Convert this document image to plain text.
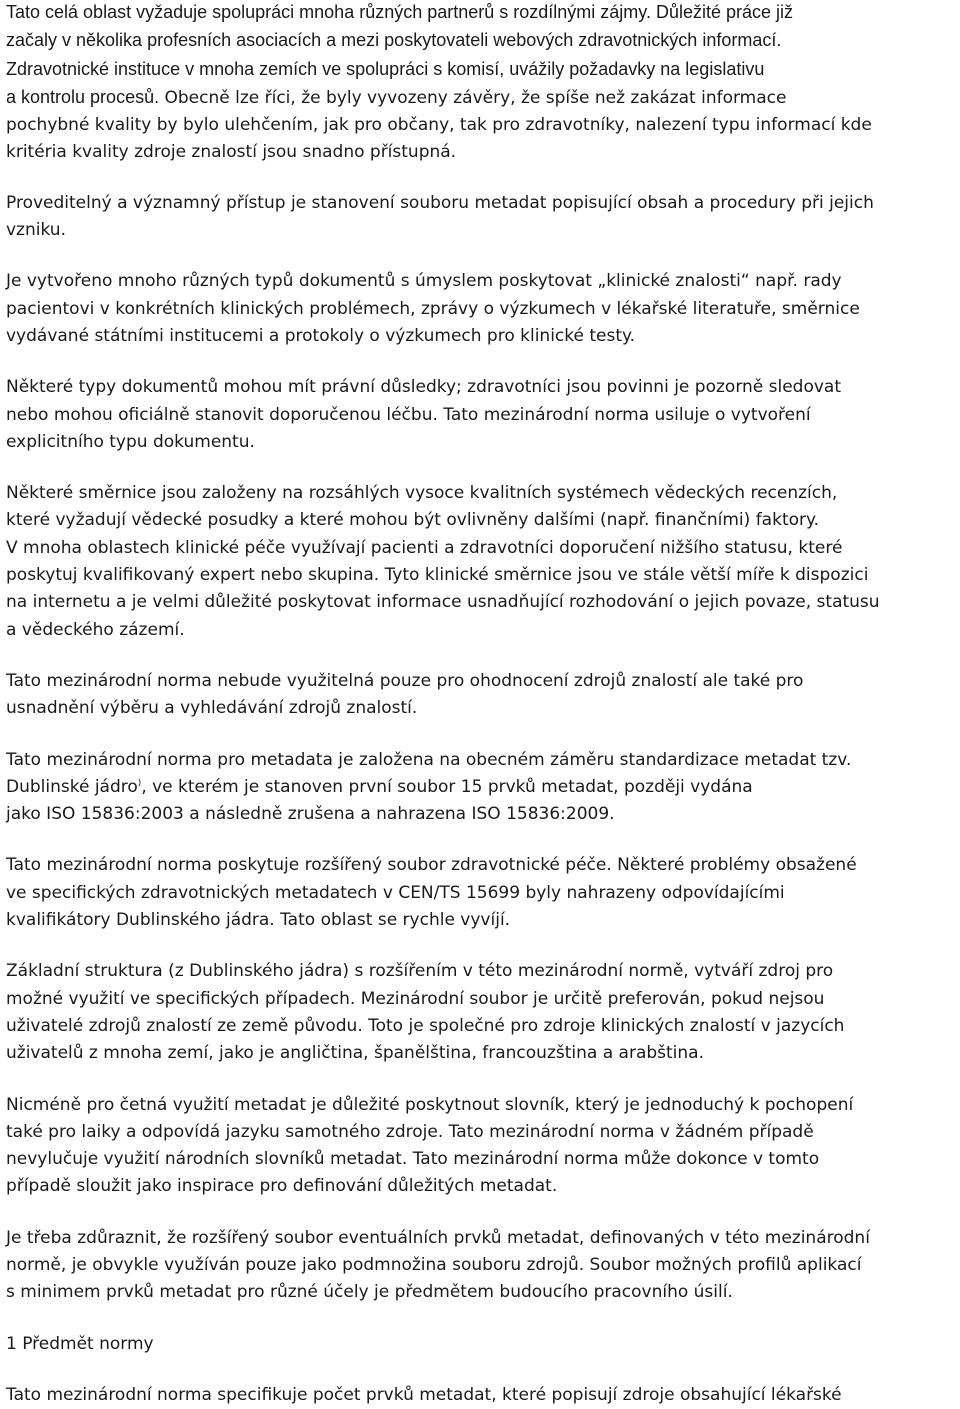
Tato celá oblast vyžaduje spolupráci mnoha různých partnerů s rozdílnými zájmy. Důležité práce již
začaly v několika profesních asociacích a mezi poskytovateli webových zdravotnických informací.
Zdravotnické instituce v mnoha zemích ve spolupráci s komisí, uvážily požadavky na legislativu
a kontrolu procesů. Obecně lze říci, že byly vyvozeny závěry, že spíše než zakázat informace
pochybné kvality by bylo ulehčením, jak pro občany, tak pro zdravotníky, nalezení typu informací kde
kritéria kvality zdroje znalostí jsou snadno přístupná.

Proveditelný a významný přístup je stanovení souboru metadat popisující obsah a procedury při jejich
vzniku.

Je vytvořeno mnoho různých typů dokumentů s úmyslem poskytovat „klinické znalosti“ např. rady
pacientovi v konkrétních klinických problémech, zprávy o výzkumech v lékařské literatuře, směrnice
vydávané státními institucemi a protokoly o výzkumech pro klinické testy.

Některé typy dokumentů mohou mít právní důsledky; zdravotníci jsou povinni je pozorně sledovat
nebo mohou oficiálně stanovit doporučenou léčbu. Tato mezinárodní norma usiluje o vytvoření
explicitního typu dokumentu.

Některé směrnice jsou založeny na rozsáhlých vysoce kvalitních systémech vědeckých recenzích,
které vyžadují vědecké posudky a které mohou být ovlivněny dalšími (např. finančními) faktory.
V mnoha oblastech klinické péče využívají pacienti a zdravotníci doporučení nižšího statusu, které
poskytuj kvalifikovaný expert nebo skupina. Tyto klinické směrnice jsou ve stále větší míře k dispozici
na internetu a je velmi důležité poskytovat informace usnadňující rozhodování o jejich povaze, statusu
a vědeckého zázemí.

Tato mezinárodní norma nebude využitelná pouze pro ohodnocení zdrojů znalostí ale také pro
usnadnění výběru a vyhledávání zdrojů znalostí.

Tato mezinárodní norma pro metadata je založena na obecném záměru standardizace metadat tzv.
Dublinské jádro), ve kterém je stanoven první soubor 15 prvků metadat, později vydána
jako ISO 15836:2003 a následně zrušena a nahrazena ISO 15836:2009.

Tato mezinárodní norma poskytuje rozšířený soubor zdravotnické péče. Některé problémy obsažené
ve specifických zdravotnických metadatech v CEN/TS 15699 byly nahrazeny odpovídajícími
kvalifikátory Dublinského jádra. Tato oblast se rychle vyvíjí.

Základní struktura (z Dublinského jádra) s rozšířením v této mezinárodní normě, vytváří zdroj pro
možné využití ve specifických případech. Mezinárodní soubor je určitě preferován, pokud nejsou
uživatelé zdrojů znalostí ze země původu. Toto je společné pro zdroje klinických znalostí v jazycích
uživatelů z mnoha zemí, jako je angličtina, španělština, francouzština a arabština.

Nicméně pro četná využití metadat je důležité poskytnout slovník, který je jednoduchý k pochopení
také pro laiky a odpovídá jazyku samotného zdroje. Tato mezinárodní norma v žádném případě
nevylučuje využití národních slovníků metadat. Tato mezinárodní norma může dokonce v tomto
případě sloužit jako inspirace pro definování důležitých metadat.

Je třeba zdůraznit, že rozšířený soubor eventuálních prvků metadat, definovaných v této mezinárodní
normě, je obvykle využíván pouze jako podmnožina souboru zdrojů. Soubor možných profilů aplikací
s minimem prvků metadat pro různé účely je předmětem budoucího pracovního úsilí.

1 Předmět normy

Tato mezinárodní norma specifikuje počet prvků metadat, které popisují zdroje obsahující lékařské
